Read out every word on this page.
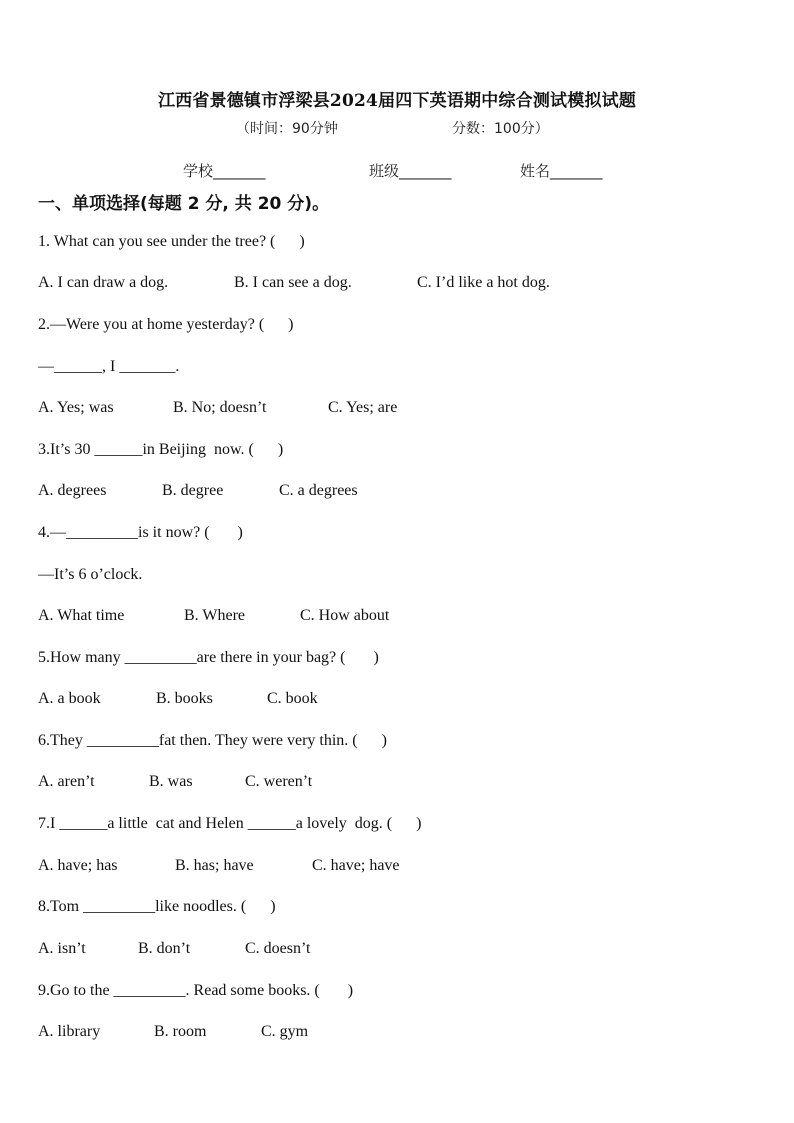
江西省景德镇市浮梁县2024届四下英语期中综合测试模拟试题
（时间：90分钟	分数：100分）
学校_______	班级_______	姓名_______
一、单项选择(每题 2 分, 共 20 分)。
1. What can you see under the tree? (      )
A. I can draw a dog.	B. I can see a dog.	C. I’d like a hot dog.
2.—Were you at home yesterday? (      )
—______, I _______.
A. Yes; was	B. No; doesn’t	C. Yes; are
3.It’s 30 ______in Beijing  now. (      )
A. degrees	B. degree	C. a degrees
4.—_________is it now? (       )
—It’s 6 o’clock.
A. What time	B. Where	C. How about
5.How many _________are there in your bag? (       )
A. a book	B. books	C. book
6.They _________fat then. They were very thin. (      )
A. aren’t	B. was	C. weren’t
7.I ______a little  cat and Helen ______a lovely  dog. (      )
A. have; has	B. has; have	C. have; have
8.Tom _________like noodles. (      )
A. isn’t	B. don’t	C. doesn’t
9.Go to the _________. Read some books. (       )
A. library	B. room	C. gym
